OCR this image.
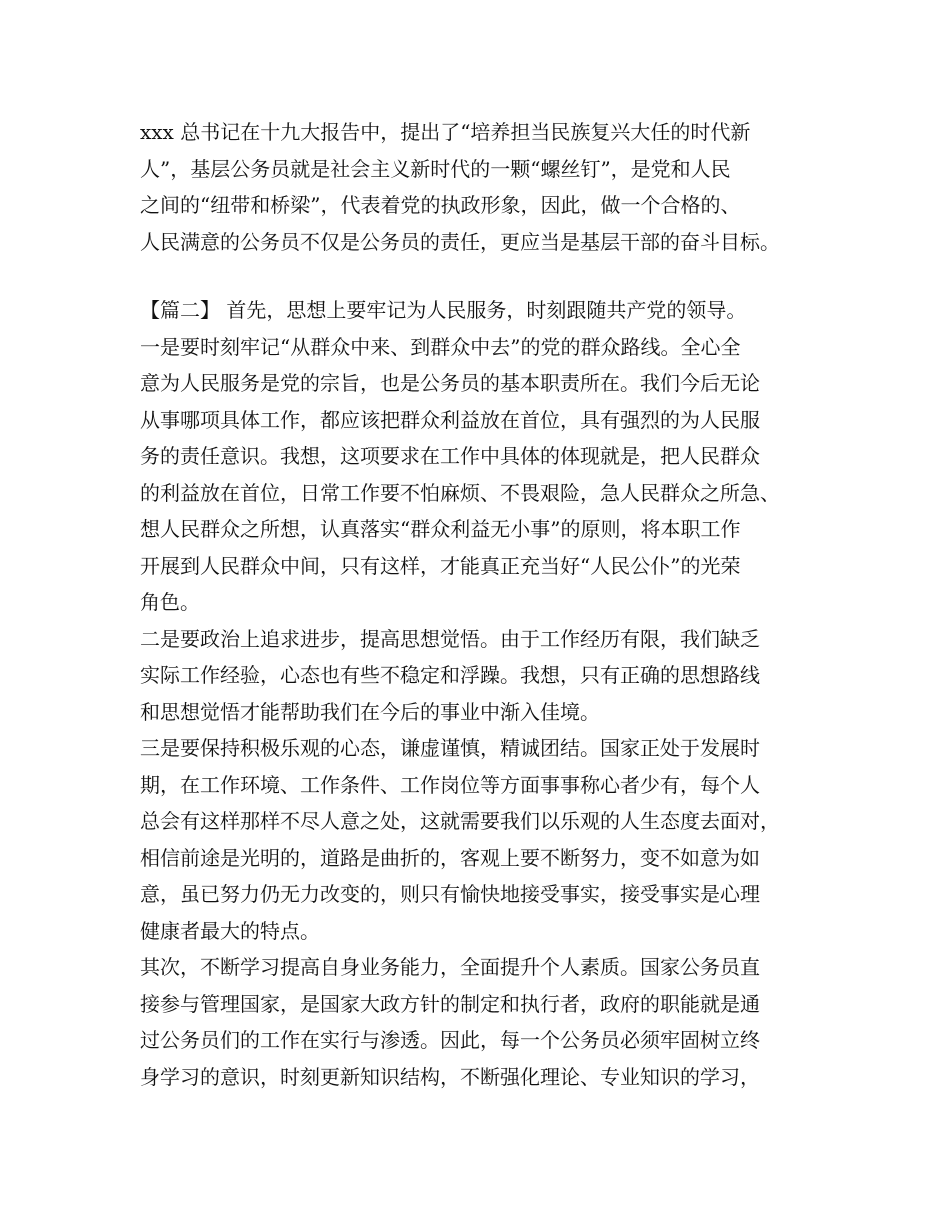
xxx 总书记在十九大报告中，提出了“培养担当民族复兴大任的时代新
人”，基层公务员就是社会主义新时代的一颗“螺丝钉”，是党和人民
之间的“纽带和桥梁”，代表着党的执政形象，因此，做一个合格的、
人民满意的公务员不仅是公务员的责任，更应当是基层干部的奋斗目标。
【篇二】 首先，思想上要牢记为人民服务，时刻跟随共产党的领导。
一是要时刻牢记“从群众中来、到群众中去”的党的群众路线。全心全
意为人民服务是党的宗旨，也是公务员的基本职责所在。我们今后无论
从事哪项具体工作，都应该把群众利益放在首位，具有强烈的为人民服
务的责任意识。我想，这项要求在工作中具体的体现就是，把人民群众
的利益放在首位，日常工作要不怕麻烦、不畏艰险，急人民群众之所急、
想人民群众之所想，认真落实“群众利益无小事”的原则，将本职工作
开展到人民群众中间，只有这样，才能真正充当好“人民公仆”的光荣
角色。
二是要政治上追求进步，提高思想觉悟。由于工作经历有限，我们缺乏
实际工作经验，心态也有些不稳定和浮躁。我想，只有正确的思想路线
和思想觉悟才能帮助我们在今后的事业中渐入佳境。
三是要保持积极乐观的心态，谦虚谨慎，精诚团结。国家正处于发展时
期，在工作环境、工作条件、工作岗位等方面事事称心者少有，每个人
总会有这样那样不尽人意之处，这就需要我们以乐观的人生态度去面对，
相信前途是光明的，道路是曲折的，客观上要不断努力，变不如意为如
意，虽已努力仍无力改变的，则只有愉快地接受事实，接受事实是心理
健康者最大的特点。
其次，不断学习提高自身业务能力，全面提升个人素质。国家公务员直
接参与管理国家，是国家大政方针的制定和执行者，政府的职能就是通
过公务员们的工作在实行与渗透。因此，每一个公务员必须牢固树立终
身学习的意识，时刻更新知识结构，不断强化理论、专业知识的学习，
